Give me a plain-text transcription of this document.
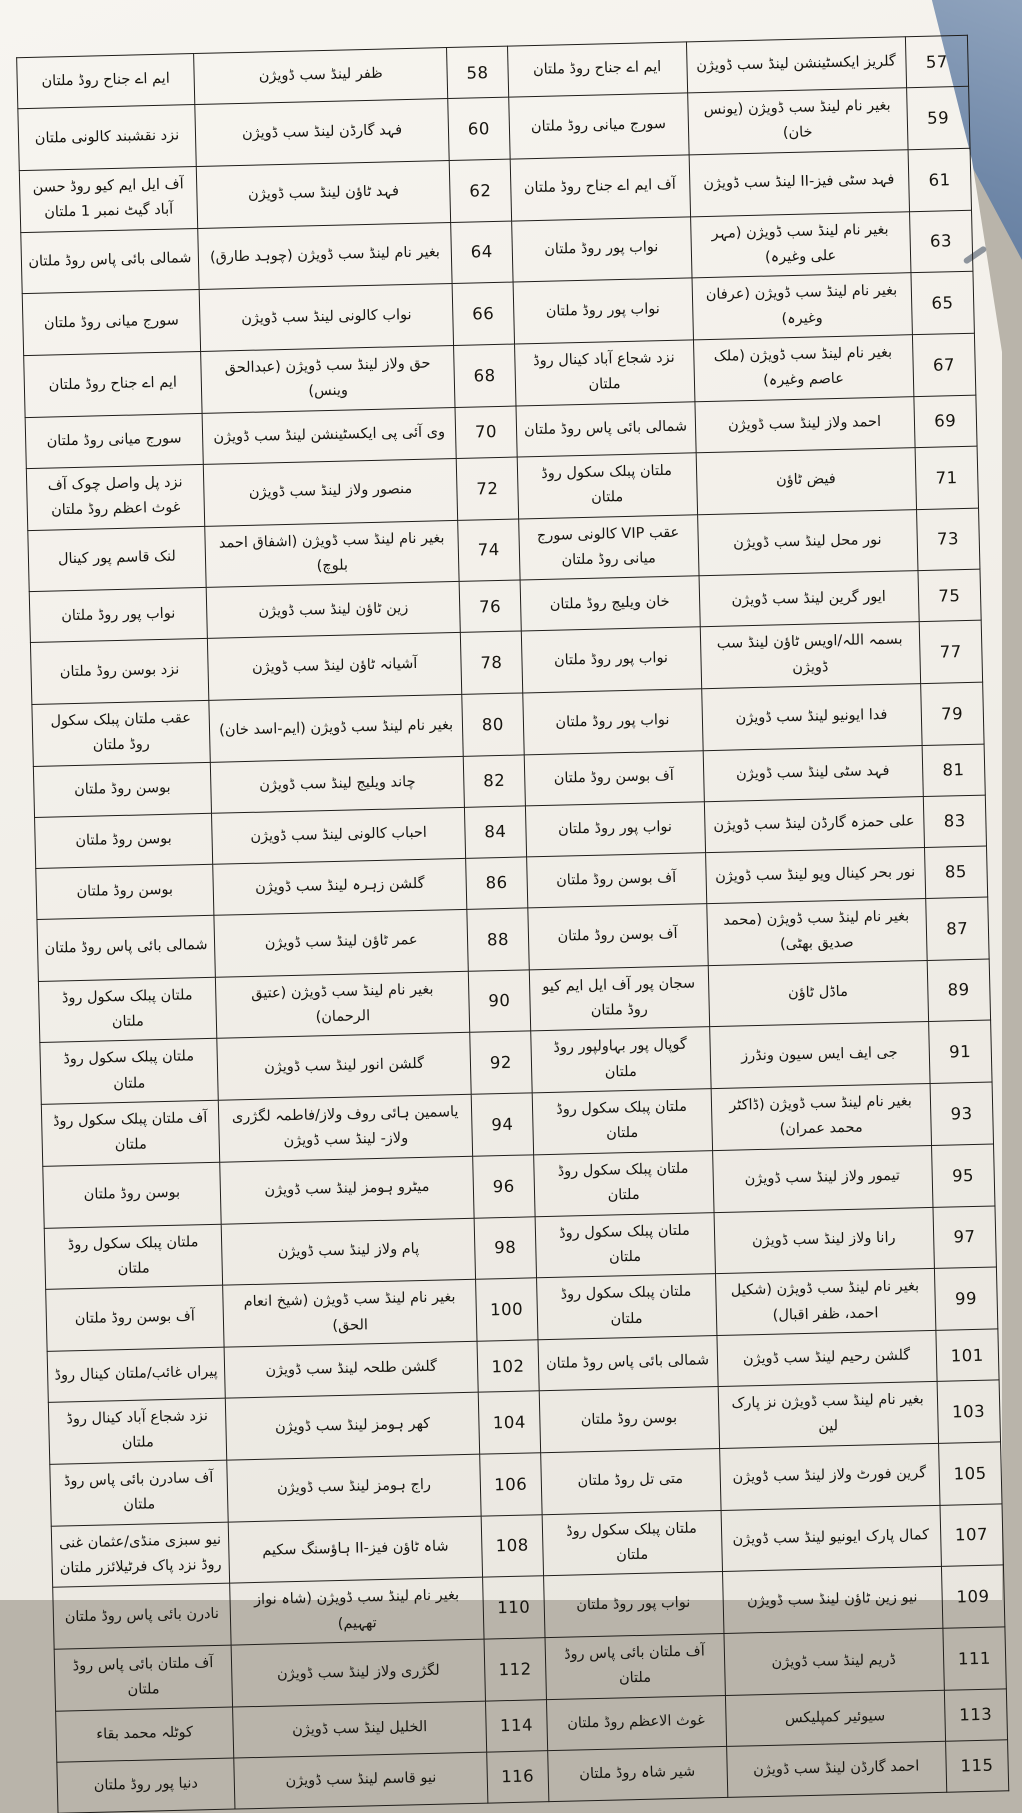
ایم اے جناح روڈ ملتان	ظفر لینڈ سب ڈویژن	58	ایم اے جناح روڈ ملتان	گلریز ایکسٹینشن لینڈ سب ڈویژن	57
نزد نقشبند کالونی ملتان	فہد گارڈن لینڈ سب ڈویژن	60	سورج میانی روڈ ملتان	بغیر نام لینڈ سب ڈویژن (یونس خان)	59
آف ایل ایم کیو روڈ حسن آباد گیٹ نمبر 1 ملتان	فہد ٹاؤن لینڈ سب ڈویژن	62	آف ایم اے جناح روڈ ملتان	فہد سٹی فیز-II لینڈ سب ڈویژن	61
شمالی بائی پاس روڈ ملتان	بغیر نام لینڈ سب ڈویژن (چوہد طارق)	64	نواب پور روڈ ملتان	بغیر نام لینڈ سب ڈویژن (مہر علی وغیرہ)	63
سورج میانی روڈ ملتان	نواب کالونی لینڈ سب ڈویژن	66	نواب پور روڈ ملتان	بغیر نام لینڈ سب ڈویژن (عرفان وغیرہ)	65
ایم اے جناح روڈ ملتان	حق ولاز لینڈ سب ڈویژن (عبدالحق وینس)	68	نزد شجاع آباد کینال روڈ ملتان	بغیر نام لینڈ سب ڈویژن (ملک عاصم وغیرہ)	67
سورج میانی روڈ ملتان	وی آئی پی ایکسٹینشن لینڈ سب ڈویژن	70	شمالی بائی پاس روڈ ملتان	احمد ولاز لینڈ سب ڈویژن	69
نزد پل واصل چوک آف غوث اعظم روڈ ملتان	منصور ولاز لینڈ سب ڈویژن	72	ملتان پبلک سکول روڈ ملتان	فیض ٹاؤن	71
لنک قاسم پور کینال	بغیر نام لینڈ سب ڈویژن (اشفاق احمد بلوچ)	74	عقب VIP کالونی سورج میانی روڈ ملتان	نور محل لینڈ سب ڈویژن	73
نواب پور روڈ ملتان	زین ٹاؤن لینڈ سب ڈویژن	76	خان ویلیج روڈ ملتان	ایور گرین لینڈ سب ڈویژن	75
نزد بوسن روڈ ملتان	آشیانہ ٹاؤن لینڈ سب ڈویژن	78	نواب پور روڈ ملتان	بسمہ اللہ/اویس ٹاؤن لینڈ سب ڈویژن	77
عقب ملتان پبلک سکول روڈ ملتان	بغیر نام لینڈ سب ڈویژن (ایم-اسد خان)	80	نواب پور روڈ ملتان	فدا ایونیو لینڈ سب ڈویژن	79
بوسن روڈ ملتان	چاند ویلیج لینڈ سب ڈویژن	82	آف بوسن روڈ ملتان	فہد سٹی لینڈ سب ڈویژن	81
بوسن روڈ ملتان	احباب کالونی لینڈ سب ڈویژن	84	نواب پور روڈ ملتان	علی حمزہ گارڈن لینڈ سب ڈویژن	83
بوسن روڈ ملتان	گلشن زہرہ لینڈ سب ڈویژن	86	آف بوسن روڈ ملتان	نور بحر کینال ویو لینڈ سب ڈویژن	85
شمالی بائی پاس روڈ ملتان	عمر ٹاؤن لینڈ سب ڈویژن	88	آف بوسن روڈ ملتان	بغیر نام لینڈ سب ڈویژن (محمد صدیق بھٹی)	87
ملتان پبلک سکول روڈ ملتان	بغیر نام لینڈ سب ڈویژن (عتیق الرحمان)	90	سجان پور آف ایل ایم کیو روڈ ملتان	ماڈل ٹاؤن	89
ملتان پبلک سکول روڈ ملتان	گلشن انور لینڈ سب ڈویژن	92	گوپال پور بہاولپور روڈ ملتان	جی ایف ایس سیون ونڈرز	91
آف ملتان پبلک سکول روڈ ملتان	یاسمین ہائی روف ولاز/فاطمہ لگژری ولاز- لینڈ سب ڈویژن	94	ملتان پبلک سکول روڈ ملتان	بغیر نام لینڈ سب ڈویژن (ڈاکٹر محمد عمران)	93
بوسن روڈ ملتان	میٹرو ہومز لینڈ سب ڈویژن	96	ملتان پبلک سکول روڈ ملتان	تیمور ولاز لینڈ سب ڈویژن	95
ملتان پبلک سکول روڈ ملتان	پام ولاز لینڈ سب ڈویژن	98	ملتان پبلک سکول روڈ ملتان	رانا ولاز لینڈ سب ڈویژن	97
آف بوسن روڈ ملتان	بغیر نام لینڈ سب ڈویژن (شیخ انعام الحق)	100	ملتان پبلک سکول روڈ ملتان	بغیر نام لینڈ سب ڈویژن (شکیل احمد، ظفر اقبال)	99
پیراں غائب/ملتان کینال روڈ	گلشن طلحہ لینڈ سب ڈویژن	102	شمالی بائی پاس روڈ ملتان	گلشن رحیم لینڈ سب ڈویژن	101
نزد شجاع آباد کینال روڈ ملتان	کھر ہومز لینڈ سب ڈویژن	104	بوسن روڈ ملتان	بغیر نام لینڈ سب ڈویژن نز پارک لین	103
آف سادرن بائی پاس روڈ ملتان	راج ہومز لینڈ سب ڈویژن	106	متی تل روڈ ملتان	گرین فورٹ ولاز لینڈ سب ڈویژن	105
نیو سبزی منڈی/عثمان غنی روڈ نزد پاک فرٹیلائزر ملتان	شاہ ٹاؤن فیز-II ہاؤسنگ سکیم	108	ملتان پبلک سکول روڈ ملتان	کمال پارک ایونیو لینڈ سب ڈویژن	107
نادرن بائی پاس روڈ ملتان	بغیر نام لینڈ سب ڈویژن (شاہ نواز تھہیم)	110	نواب پور روڈ ملتان	نیو زین ٹاؤن لینڈ سب ڈویژن	109
آف ملتان بائی پاس روڈ ملتان	لگژری ولاز لینڈ سب ڈویژن	112	آف ملتان بائی پاس روڈ ملتان	ڈریم لینڈ سب ڈویژن	111
کوٹلہ محمد بقاء	الخلیل لینڈ سب ڈویژن	114	غوث الاعظم روڈ ملتان	سیوئیر کمپلیکس	113
دنیا پور روڈ ملتان	نیو قاسم لینڈ سب ڈویژن	116	شیر شاہ روڈ ملتان	احمد گارڈن لینڈ سب ڈویژن	115
